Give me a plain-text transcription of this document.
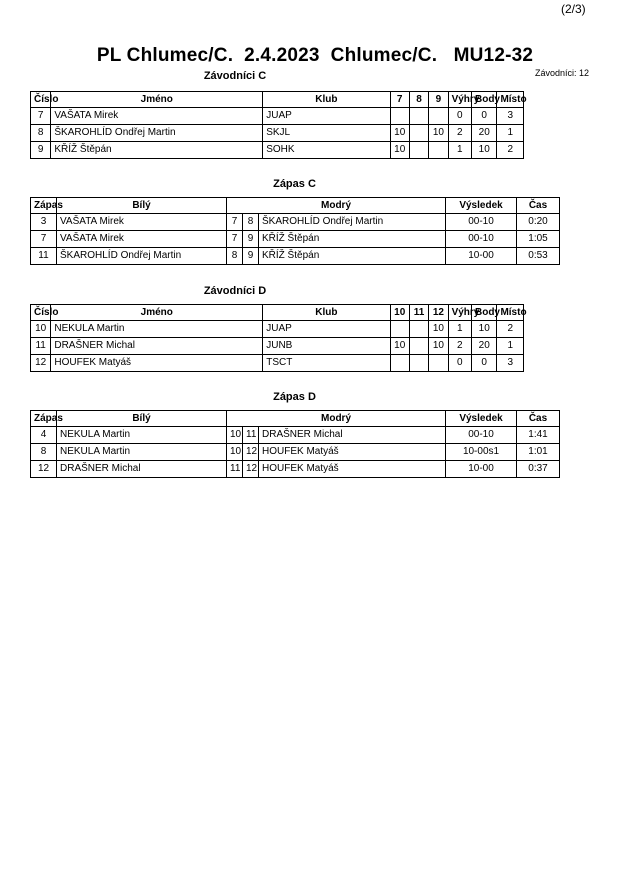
(2/3)
PL Chlumec/C.  2.4.2023  Chlumec/C.   MU12-32
Závodníci: 12
Závodníci C
Číslo	Jméno	Klub	7	8	9	Výhry	Body	Místo
7	VAŠATA Mirek	JUAP				0	0	3
8	ŠKAROHLÍD Ondřej Martin	SKJL	10		10	2	20	1
9	KŘÍŽ Štěpán	SOHK	10			1	10	2
Zápas C
Zápas	Bílý	Modrý			Výsledek	Čas
3	VAŠATA Mirek	7	8	ŠKAROHLÍD Ondřej Martin	00-10	0:20
7	VAŠATA Mirek	7	9	KŘÍŽ Štěpán	00-10	1:05
11	ŠKAROHLÍD Ondřej Martin	8	9	KŘÍŽ Štěpán	10-00	0:53
Závodníci D
Číslo	Jméno	Klub	10	11	12	Výhry	Body	Místo
10	NEKULA Martin	JUAP			10	1	10	2
11	DRAŠNER Michal	JUNB	10		10	2	20	1
12	HOUFEK Matyáš	TSCT				0	0	3
Zápas D
Zápas	Bílý	Modrý			Výsledek	Čas
4	NEKULA Martin	10	11	DRAŠNER Michal	00-10	1:41
8	NEKULA Martin	10	12	HOUFEK Matyáš	10-00s1	1:01
12	DRAŠNER Michal	11	12	HOUFEK Matyáš	10-00	0:37
